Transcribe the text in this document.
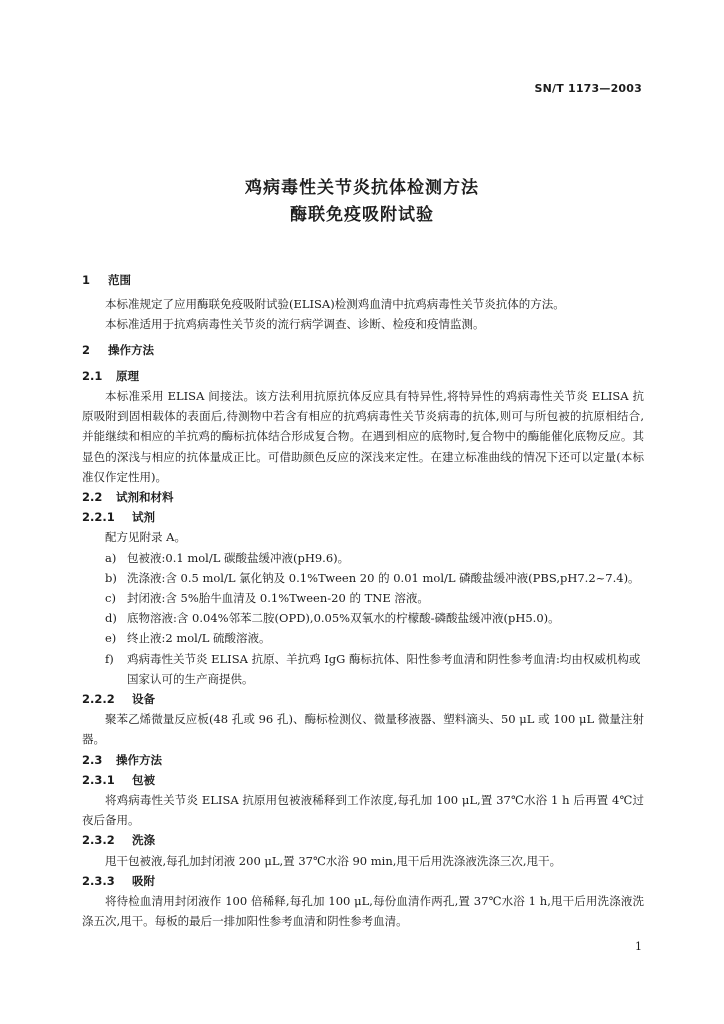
SN/T 1173—2003
鸡病毒性关节炎抗体检测方法
酶联免疫吸附试验
1 范围

本标准规定了应用酶联免疫吸附试验(ELISA)检测鸡血清中抗鸡病毒性关节炎抗体的方法。

本标准适用于抗鸡病毒性关节炎的流行病学调查、诊断、检疫和疫情监测。

2 操作方法
2.1 原理

本标准采用 ELISA 间接法。该方法利用抗原抗体反应具有特异性,将特异性的鸡病毒性关节炎 ELISA 抗原吸附到固相载体的表面后,待测物中若含有相应的抗鸡病毒性关节炎病毒的抗体,则可与所包被的抗原相结合,并能继续和相应的羊抗鸡的酶标抗体结合形成复合物。在遇到相应的底物时,复合物中的酶能催化底物反应。其显色的深浅与相应的抗体量成正比。可借助颜色反应的深浅来定性。在建立标准曲线的情况下还可以定量(本标准仅作定性用)。

2.2 试剂和材料
2.2.1 试剂

配方见附录 A。

a) 包被液:0.1 mol/L 碳酸盐缓冲液(pH9.6)。
b) 洗涤液:含 0.5 mol/L 氯化钠及 0.1%Tween 20 的 0.01 mol/L 磷酸盐缓冲液(PBS,pH7.2~7.4)。
c) 封闭液:含 5%胎牛血清及 0.1%Tween-20 的 TNE 溶液。
d) 底物溶液:含 0.04%邻苯二胺(OPD),0.05%双氧水的柠檬酸-磷酸盐缓冲液(pH5.0)。
e) 终止液:2 mol/L 硫酸溶液。
f)	鸡病毒性关节炎 ELISA 抗原、羊抗鸡 IgG 酶标抗体、阳性参考血清和阴性参考血清:均由权威机构或国家认可的生产商提供。
2.2.2 设备

聚苯乙烯微量反应板(48 孔或 96 孔)、酶标检测仪、微量移液器、塑料滴头、50 μL 或 100 μL 微量注射器。

2.3 操作方法
2.3.1 包被

将鸡病毒性关节炎 ELISA 抗原用包被液稀释到工作浓度,每孔加 100 μL,置 37℃水浴 1 h 后再置 4℃过夜后备用。

2.3.2 洗涤

甩干包被液,每孔加封闭液 200 μL,置 37℃水浴 90 min,甩干后用洗涤液洗涤三次,甩干。

2.3.3 吸附

将待检血清用封闭液作 100 倍稀释,每孔加 100 μL,每份血清作两孔,置 37℃水浴 1 h,甩干后用洗涤液洗涤五次,甩干。每板的最后一排加阳性参考血清和阴性参考血清。

1
